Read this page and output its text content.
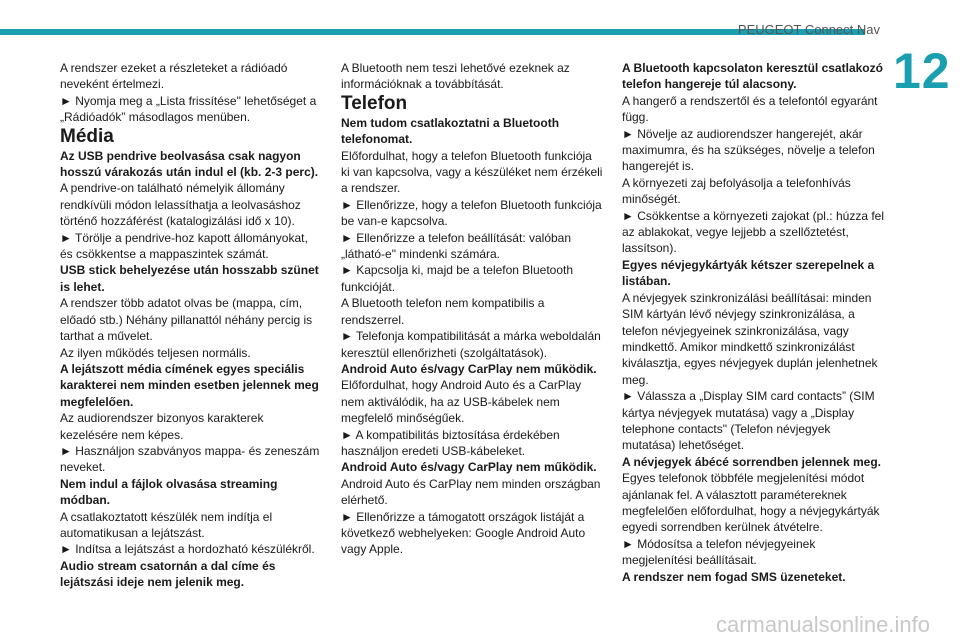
PEUGEOT Connect Nav
12

A rendszer ezeket a részleteket a rádióadó neveként értelmezi.

► Nyomja meg a „Lista frissítése" lehetőséget a „Rádióadók” másodlagos menüben.

Média

Az USB pendrive beolvasása csak nagyon hosszú várakozás után indul el (kb. 2-3 perc).

A pendrive-on található némelyik állomány rendkívüli módon lelassíthatja a leolvasáshoz történő hozzáférést (katalogizálási idő x 10).

► Törölje a pendrive-hoz kapott állományokat, és csökkentse a mappaszintek számát.

USB stick behelyezése után hosszabb szünet is lehet.

A rendszer több adatot olvas be (mappa, cím, előadó stb.) Néhány pillanattól néhány percig is tarthat a művelet.

Az ilyen működés teljesen normális.

A lejátszott média címének egyes speciális karakterei nem minden esetben jelennek meg megfelelően.

Az audiorendszer bizonyos karakterek kezelésére nem képes.

► Használjon szabványos mappa- és zeneszám neveket.

Nem indul a fájlok olvasása streaming módban.

A csatlakoztatott készülék nem indítja el automatikusan a lejátszást.

► Indítsa a lejátszást a hordozható készülékről.

Audio stream csatornán a dal címe és lejátszási ideje nem jelenik meg.

A Bluetooth nem teszi lehetővé ezeknek az információknak a továbbítását.

Telefon

Nem tudom csatlakoztatni a Bluetooth telefonomat.

Előfordulhat, hogy a telefon Bluetooth funkciója ki van kapcsolva, vagy a készüléket nem érzékeli a rendszer.

► Ellenőrizze, hogy a telefon Bluetooth funkciója be van-e kapcsolva.

► Ellenőrizze a telefon beállítását: valóban „látható-e" mindenki számára.

► Kapcsolja ki, majd be a telefon Bluetooth funkcióját.

A Bluetooth telefon nem kompatibilis a rendszerrel.

► Telefonja kompatibilitását a márka weboldalán keresztül ellenőrizheti (szolgáltatások).

Android Auto és/vagy CarPlay nem működik.

Előfordulhat, hogy Android Auto és a CarPlay nem aktiválódik, ha az USB-kábelek nem megfelelő minőségűek.

► A kompatibilitás biztosítása érdekében használjon eredeti USB-kábeleket.

Android Auto és/vagy CarPlay nem működik.

Android Auto és CarPlay nem minden országban elérhető.

► Ellenőrizze a támogatott országok listáját a következő webhelyeken: Google Android Auto vagy Apple.

A Bluetooth kapcsolaton keresztül csatlakozó telefon hangereje túl alacsony.

A hangerő a rendszertől és a telefontól egyaránt függ.

► Növelje az audiorendszer hangerejét, akár maximumra, és ha szükséges, növelje a telefon hangerejét is.

A környezeti zaj befolyásolja a telefonhívás minőségét.

► Csökkentse a környezeti zajokat (pl.: húzza fel az ablakokat, vegye lejjebb a szellőztetést, lassítson).

Egyes névjegykártyák kétszer szerepelnek a listában.

A névjegyek szinkronizálási beállításai: minden SIM kártyán lévő névjegy szinkronizálása, a telefon névjegyeinek szinkronizálása, vagy mindkettő. Amikor mindkettő szinkronizálást kiválasztja, egyes névjegyek duplán jelenhetnek meg.

► Válassza a „Display SIM card contacts” (SIM kártya névjegyek mutatása) vagy a „Display telephone contacts" (Telefon névjegyek mutatása) lehetőséget.

A névjegyek ábécé sorrendben jelennek meg.

Egyes telefonok többféle megjelenítési módot ajánlanak fel. A választott paramétereknek megfelelően előfordulhat, hogy a névjegykártyák egyedi sorrendben kerülnek átvételre.

► Módosítsa a telefon névjegyeinek megjelenítési beállításait.

A rendszer nem fogad SMS üzeneteket.

carmanualsonline.info
